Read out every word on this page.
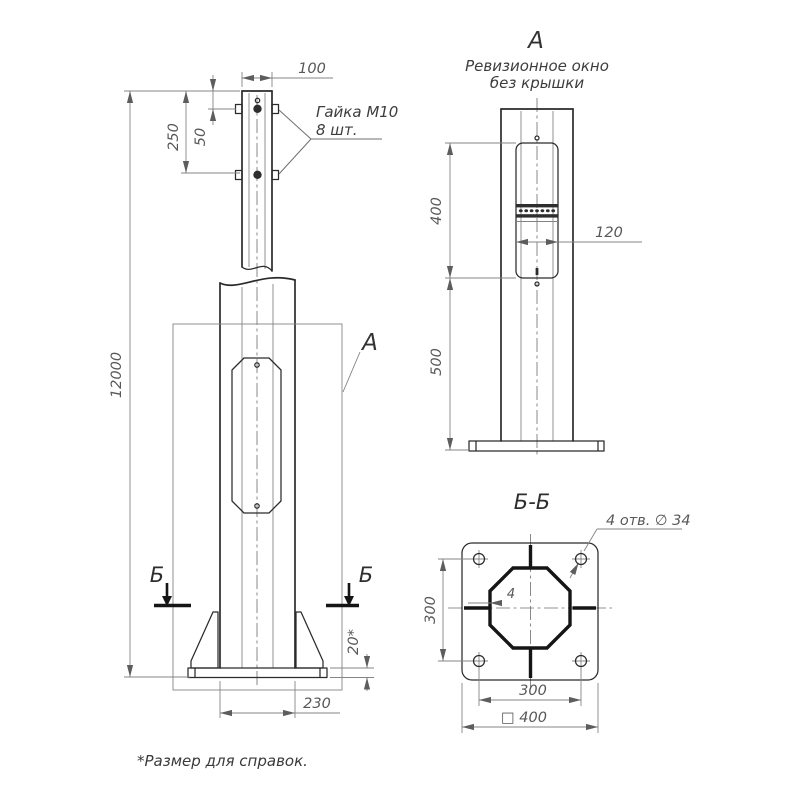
Гайка М10
8 шт.
А
Б	Б
100
50
250
12000
230
20*
А
Ревизионное окно
без крышки
400
500
120
Б-Б
4 отв. ∅ 34
4
300
300
□ 400
*Размер для справок.
